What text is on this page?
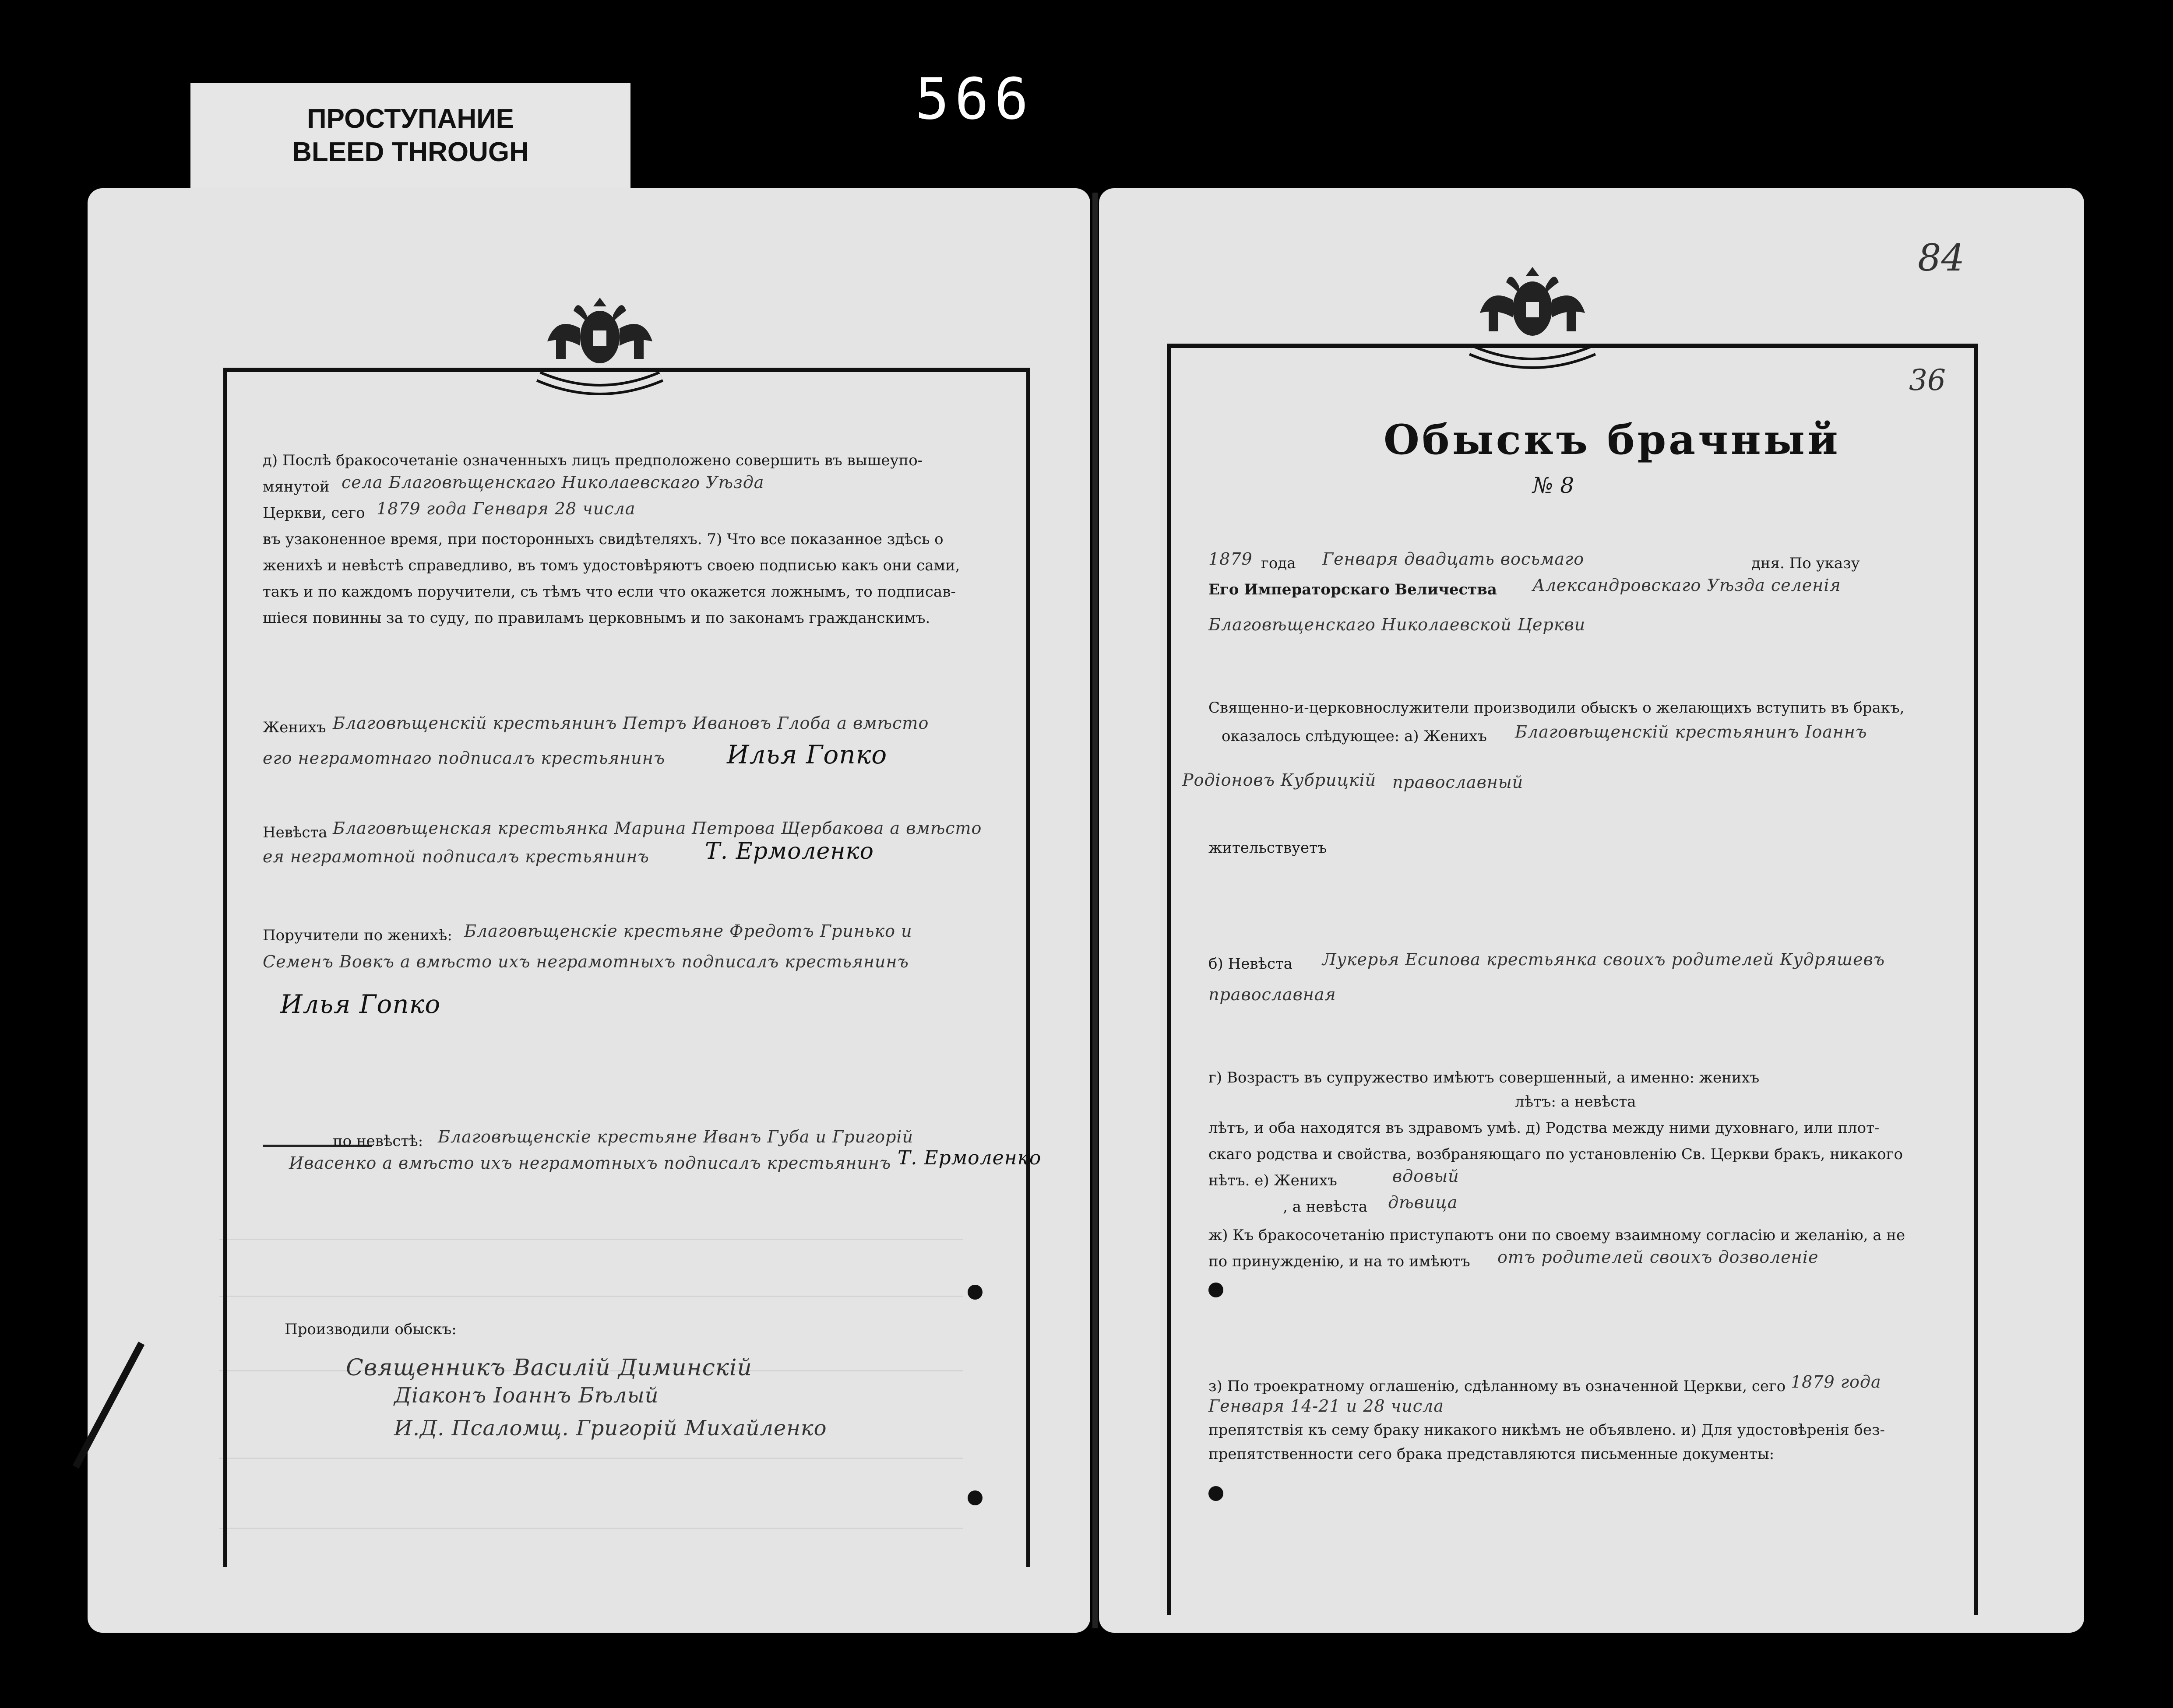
ПРОСТУПАНИЕ
BLEED THROUGH
566
д) Послѣ бракосочетаніе означенныхъ лицъ предположено совершить въ вышеупо-
мянутой села Благовѣщенскаго Николаевскаго Уѣзда
Церкви, сего 1879 года Генваря 28 числа
въ узаконенное время, при посторонныхъ свидѣтеляхъ. 7) Что все показанное здѣсь о
женихѣ и невѣстѣ справедливо, въ томъ удостовѣряютъ своею подписью какъ они сами,
такъ и по каждомъ поручители, съ тѣмъ что если что окажется ложнымъ, то подписав-
шіеся повинны за то суду, по правиламъ церковнымъ и по законамъ гражданскимъ.
Женихъ Благовѣщенскій крестьянинъ Петръ Ивановъ Глоба а вмѣсто
его неграмотнаго подписалъ крестьянинъ Илья Гопко
Невѣста Благовѣщенская крестьянка Марина Петрова Щербакова а вмѣсто
ея неграмотной подписалъ крестьянинъ Т. Ермоленко
Поручители по женихѣ: Благовѣщенскіе крестьяне Фредотъ Гринько и
Семенъ Вовкъ а вмѣсто ихъ неграмотныхъ подписалъ крестьянинъ
Илья Гопко
по невѣстѣ: Благовѣщенскіе крестьяне Иванъ Губа и Григорій
Ивасенко а вмѣсто ихъ неграмотныхъ подписалъ крестьянинъ Т. Ермоленко
Производили обыскъ:
Священникъ Василій Диминскій
Діаконъ Іоаннъ Бѣлый
И.Д. Псаломщ. Григорій Михайленко
84
36
Обыскъ брачный
№ 8
1879 года Генваря двадцать восьмаго	дня. По указу
Его Императорскаго Величества Александровскаго Уѣзда селенія
Благовѣщенскаго Николаевской Церкви
Священно-и-церковнослужители производили обыскъ о желающихъ вступить въ бракъ,
оказалось слѣдующее: а) Женихъ Благовѣщенскій крестьянинъ Іоаннъ
Родіоновъ Кубрицкій православный
жительствуетъ
б) Невѣста Лукерья Есипова крестьянка своихъ родителей Кудряшевъ
православная
г) Возрастъ въ супружество имѣютъ совершенный, а именно: женихъ
лѣтъ: а невѣста
лѣтъ, и оба находятся въ здравомъ умѣ. д) Родства между ними духовнаго, или плот-
скаго родства и свойства, возбраняющаго по установленію Св. Церкви бракъ, никакого
нѣтъ. е) Женихъ	вдовый
, а невѣста дѣвица
ж) Къ бракосочетанію приступаютъ они по своему взаимному согласію и желанію, а не
по принужденію, и на то имѣютъ отъ родителей своихъ дозволеніе
з) По троекратному оглашенію, сдѣланному въ означенной Церкви, сего 1879 года
Генваря 14-21 и 28 числа
препятствія къ сему браку никакого никѣмъ не объявлено. и) Для удостовѣренія без-
препятственности сего брака представляются письменные документы:
